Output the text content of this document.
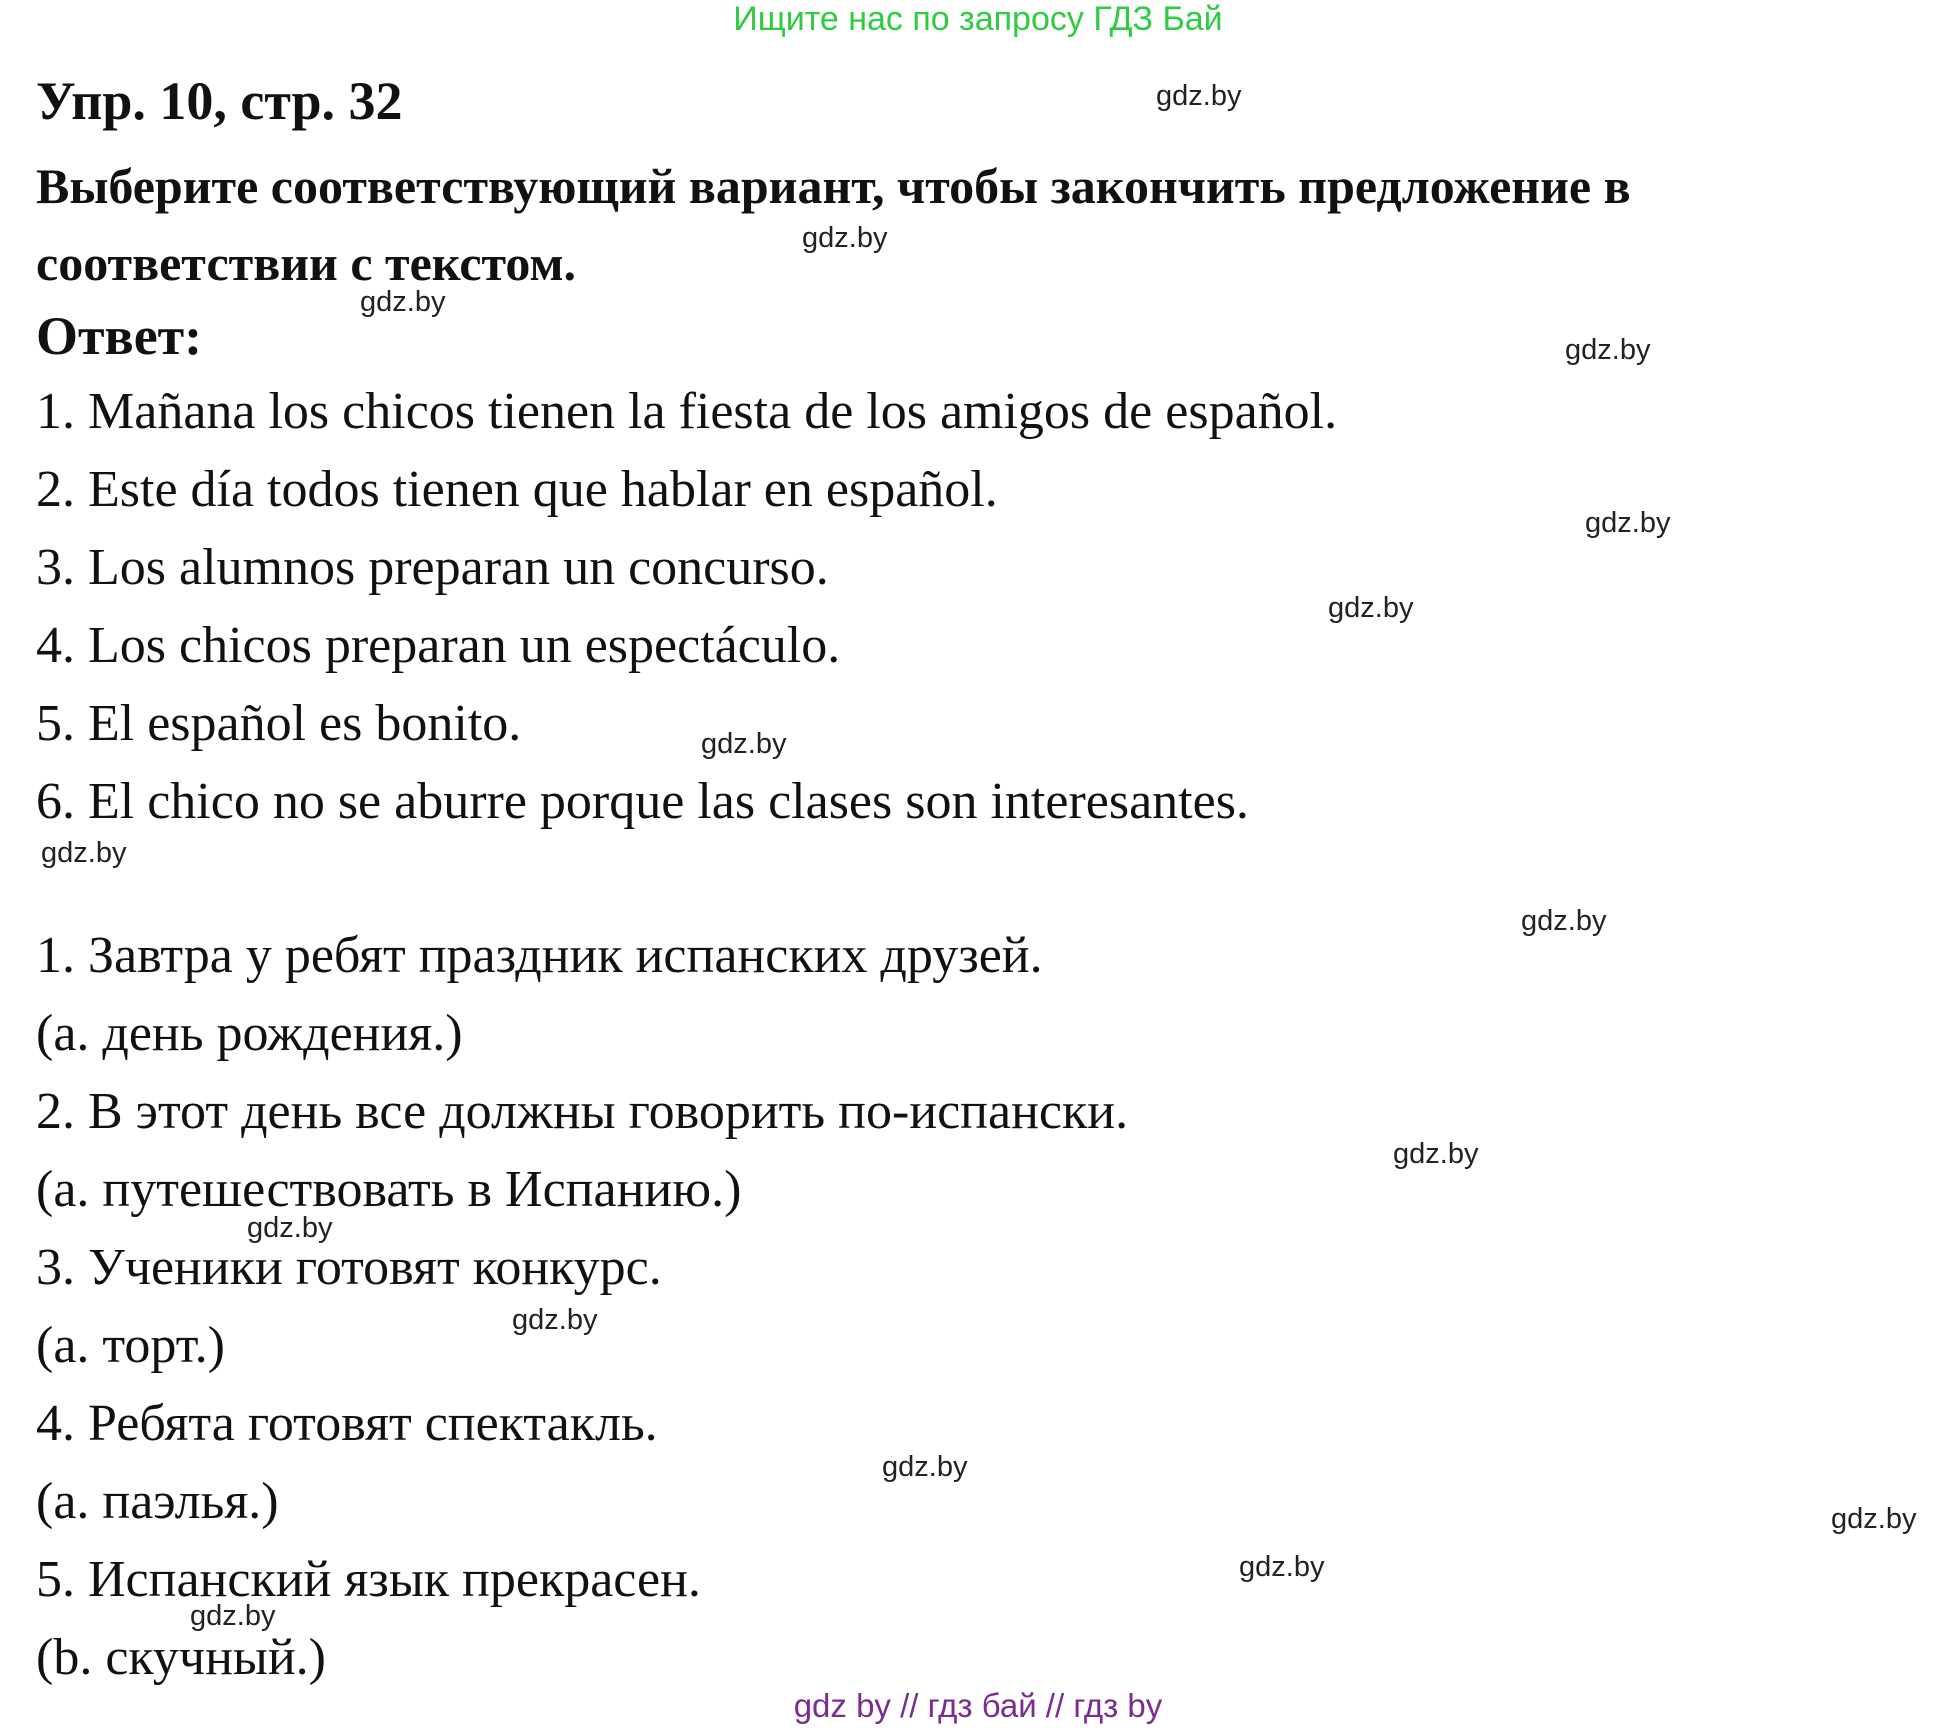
Ищите нас по запросу ГДЗ Бай
Упр. 10, стр. 32
Выберите соответствующий вариант, чтобы закончить предложение в соответствии с текстом.
Ответ:
1. Mañana los chicos tienen la fiesta de los amigos de español.
2. Este día todos tienen que hablar en español.
3. Los alumnos preparan un concurso.
4. Los chicos preparan un espectáculo.
5. El español es bonito.
6. El chico no se aburre porque las clases son interesantes.
1. Завтра у ребят праздник испанских друзей.
(а. день рождения.)
2. В этот день все должны говорить по-испански.
(а. путешествовать в Испанию.)
3. Ученики готовят конкурс.
(а. торт.)
4. Ребята готовят спектакль.
(а. паэлья.)
5. Испанский язык прекрасен.
(b. скучный.)
gdz.by
gdz.by
gdz.by
gdz.by
gdz.by
gdz.by
gdz.by
gdz.by
gdz.by
gdz.by
gdz.by
gdz.by
gdz.by
gdz.by
gdz.by
gdz.by
gdz by // гдз бай // гдз by
